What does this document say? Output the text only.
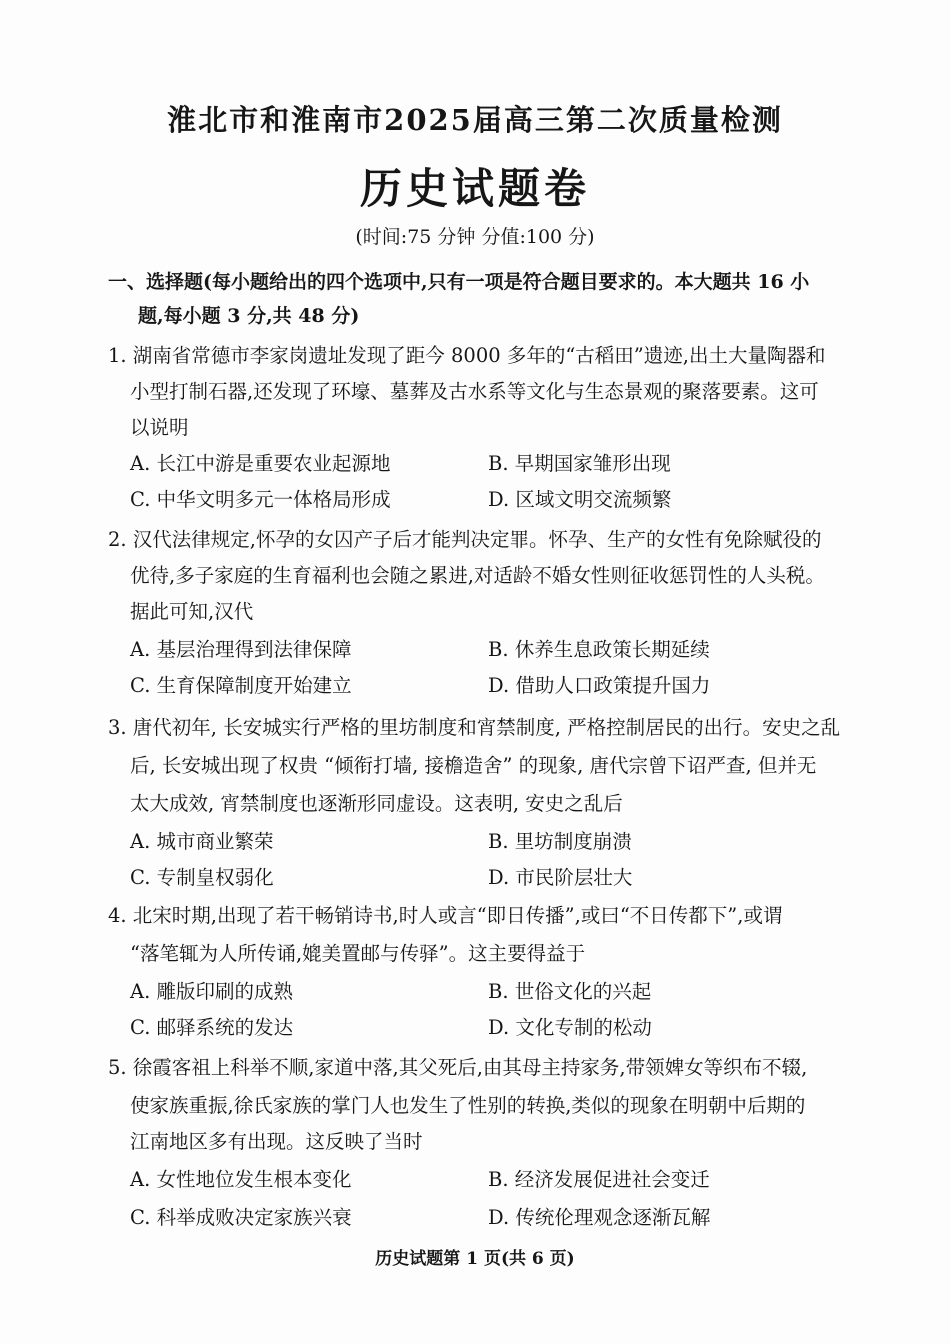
淮北市和淮南市2025届高三第二次质量检测
历史试题卷
(时间:75 分钟 分值:100 分)
一、选择题(每小题给出的四个选项中,只有一项是符合题目要求的。本大题共 16 小
题,每小题 3 分,共 48 分)
1. 湖南省常德市李家岗遗址发现了距今 8000 多年的“古稻田”遗迹,出土大量陶器和
小型打制石器,还发现了环壕、墓葬及古水系等文化与生态景观的聚落要素。这可
以说明
A. 长江中游是重要农业起源地	B. 早期国家雏形出现
C. 中华文明多元一体格局形成	D. 区域文明交流频繁
2. 汉代法律规定,怀孕的女囚产子后才能判决定罪。怀孕、生产的女性有免除赋役的
优待,多子家庭的生育福利也会随之累进,对适龄不婚女性则征收惩罚性的人头税。
据此可知,汉代
A. 基层治理得到法律保障	B. 休养生息政策长期延续
C. 生育保障制度开始建立	D. 借助人口政策提升国力
3. 唐代初年, 长安城实行严格的里坊制度和宵禁制度, 严格控制居民的出行。安史之乱
后, 长安城出现了权贵 “倾衔打墙, 接檐造舍” 的现象, 唐代宗曾下诏严查, 但并无
太大成效, 宵禁制度也逐渐形同虚设。这表明, 安史之乱后
A. 城市商业繁荣	B. 里坊制度崩溃
C. 专制皇权弱化	D. 市民阶层壮大
4. 北宋时期,出现了若干畅销诗书,时人或言“即日传播”,或曰“不日传都下”,或谓
“落笔辄为人所传诵,媲美置邮与传驿”。这主要得益于
A. 雕版印刷的成熟	B. 世俗文化的兴起
C. 邮驿系统的发达	D. 文化专制的松动
5. 徐霞客祖上科举不顺,家道中落,其父死后,由其母主持家务,带领婢女等织布不辍,
使家族重振,徐氏家族的掌门人也发生了性别的转换,类似的现象在明朝中后期的
江南地区多有出现。这反映了当时
A. 女性地位发生根本变化	B. 经济发展促进社会变迁
C. 科举成败决定家族兴衰	D. 传统伦理观念逐渐瓦解
历史试题第 1 页(共 6 页)
